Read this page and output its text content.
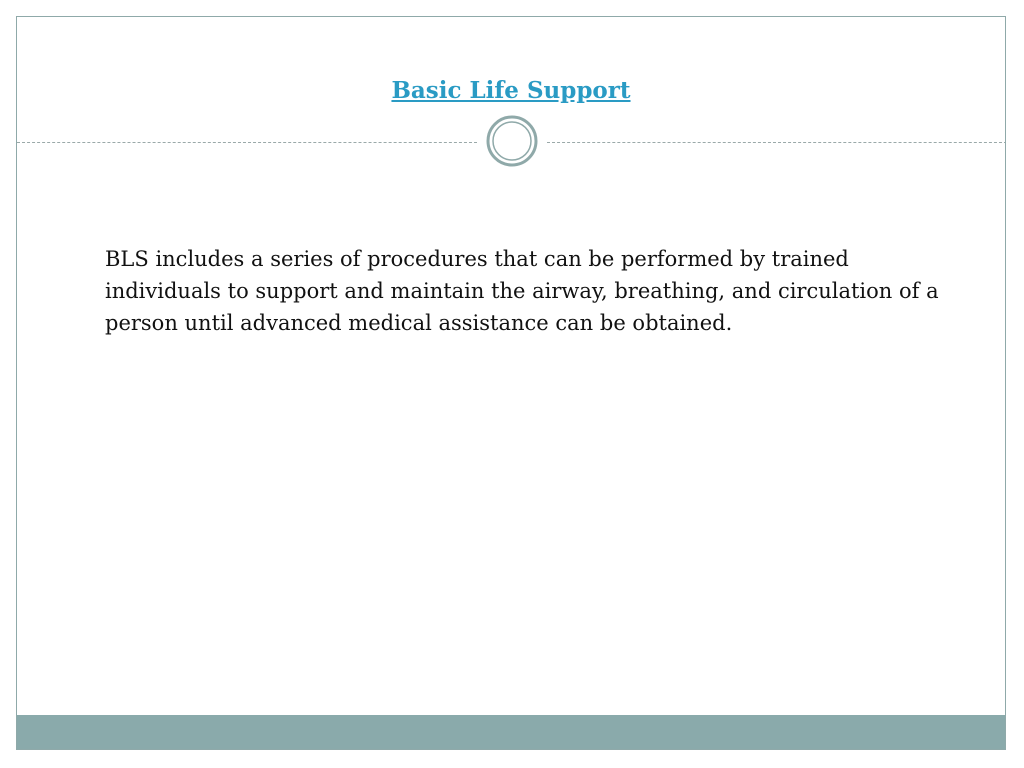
Basic Life Support

BLS includes a series of procedures that can be performed by trained individuals to support and maintain the airway, breathing, and circulation of a person until advanced medical assistance can be obtained.
